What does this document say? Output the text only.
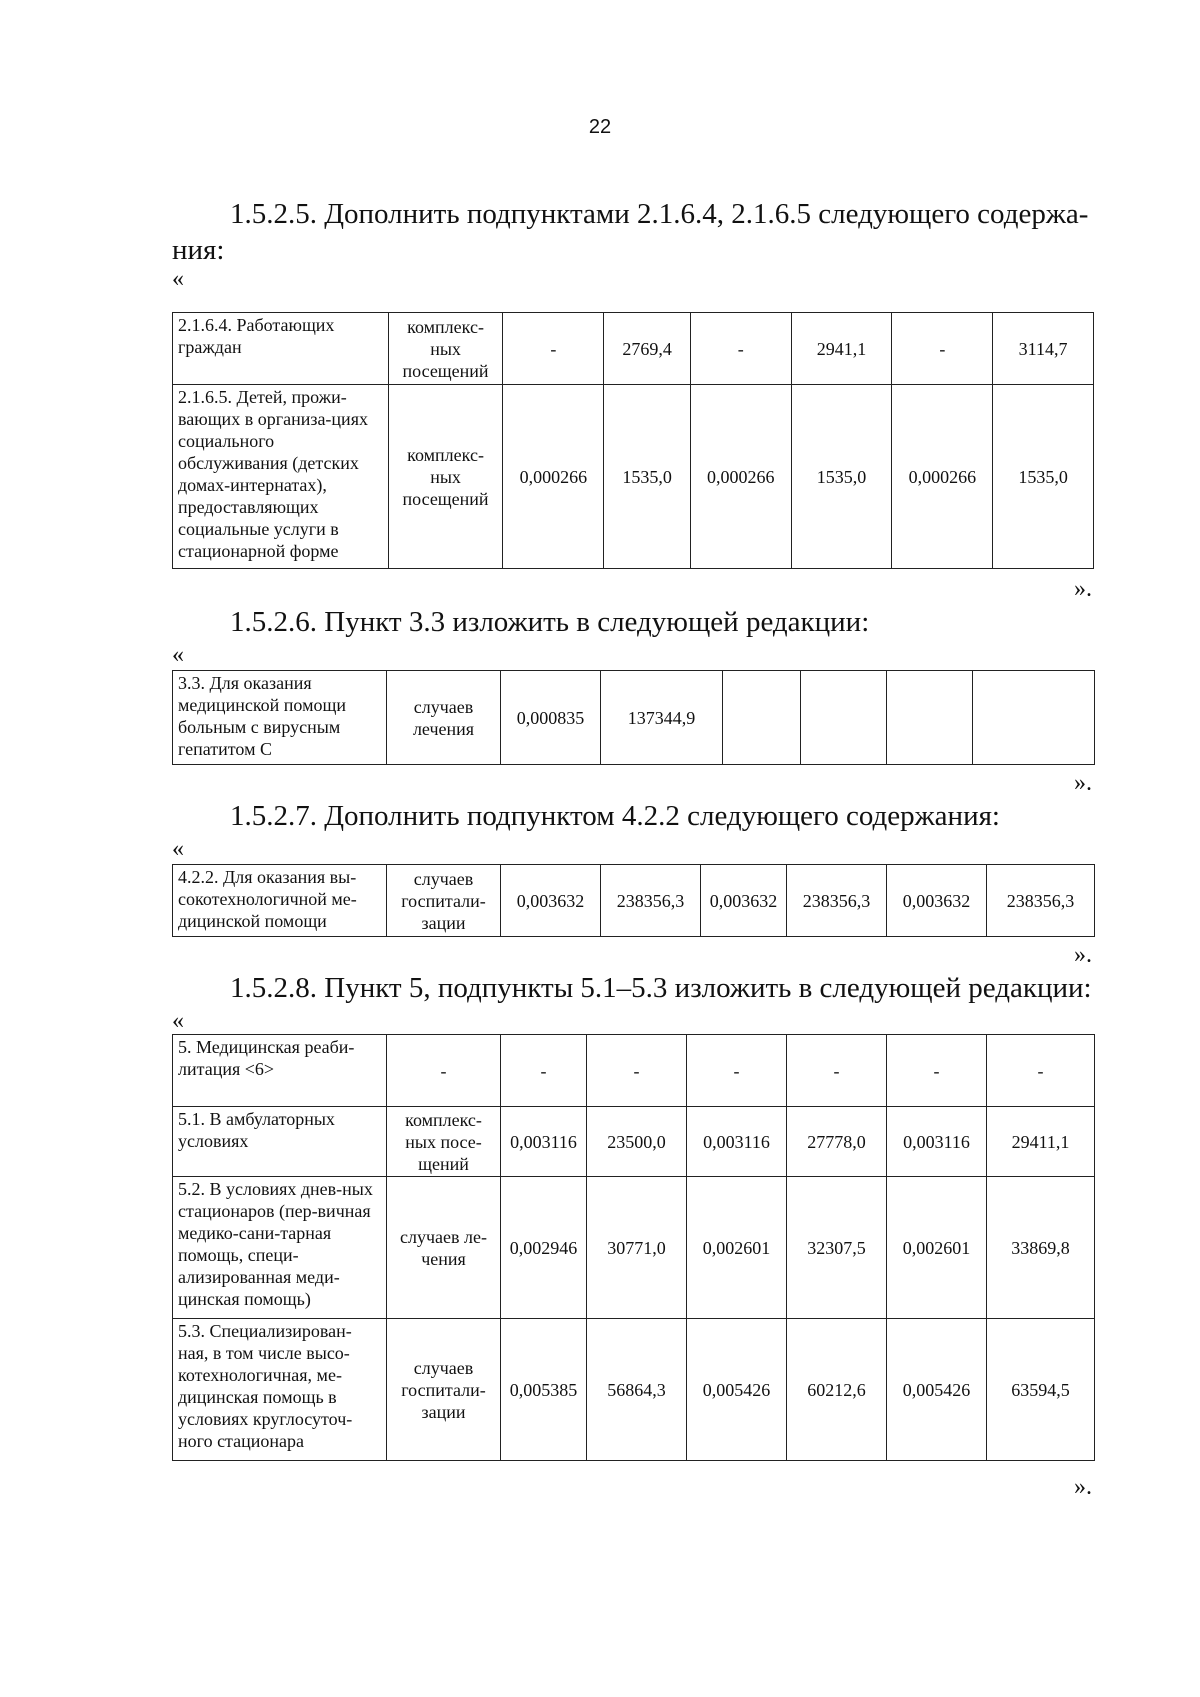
22
1.5.2.5. Дополнить подпунктами 2.1.6.4, 2.1.6.5 следующего содержа-
ния:
«
2.1.6.4. Работающих граждан	комплекс-ных посещений	-	2769,4	-	2941,1	-	3114,7
2.1.6.5. Детей, прожи-вающих в организа-циях социального обслуживания (детских домах-интернатах), предоставляющих социальные услуги в стационарной форме	комплекс-ных посещений	0,000266	1535,0	0,000266	1535,0	0,000266	1535,0
».
1.5.2.6. Пункт 3.3 изложить в следующей редакции:
«
3.3. Для оказания медицинской помощи больным с вирусным гепатитом С	случаев лечения	0,000835	137344,9				
».
1.5.2.7. Дополнить подпунктом 4.2.2 следующего содержания:
«
4.2.2. Для оказания вы-сокотехнологичной ме-дицинской помощи	случаев госпитали-зации	0,003632	238356,3	0,003632	238356,3	0,003632	238356,3
».
1.5.2.8. Пункт 5, подпункты 5.1–5.3 изложить в следующей редакции:
«
5. Медицинская реаби-литация <6>	-	-	-	-	-	-	-
5.1. В амбулаторных условиях	комплекс-ных посе-щений	0,003116	23500,0	0,003116	27778,0	0,003116	29411,1
5.2. В условиях днев-ных стационаров (пер-вичная медико-сани-тарная помощь, специ-ализированная меди-цинская помощь)	случаев ле-чения	0,002946	30771,0	0,002601	32307,5	0,002601	33869,8
5.3. Специализирован-ная, в том числе высо-котехнологичная, ме-дицинская помощь в условиях круглосуточ-ного стационара	случаев госпитали-зации	0,005385	56864,3	0,005426	60212,6	0,005426	63594,5
».
